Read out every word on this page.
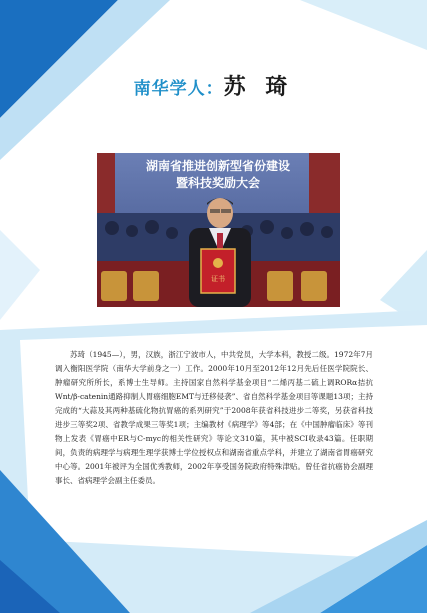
南华学人：苏 琦
湖南省推进创新型省份建设
暨科技奖励大会
证书

苏琦（1945—），男，汉族，浙江宁波市人，中共党员，大学本科，教授二级。1972年7月调入衡阳医学院（南华大学前身之一）工作。2000年10月至2012年12月先后任医学院院长、肿瘤研究所所长，系博士生导师。主持国家自然科学基金项目“二烯丙基二硫上调RORα拮抗Wnt/β-catenin通路抑制人胃癌细胞EMT与迁移侵袭”、省自然科学基金项目等课题13项；主持完成的“大蒜及其两种基硫化物抗胃癌的系列研究”于2008年获省科技进步二等奖，另获省科技进步三等奖2项、省教学成果三等奖1项；主编教材《病理学》等4部；在《中国肿瘤临床》等刊物上发表《胃癌中ER与C-myc的相关性研究》等论文310篇，其中被SCI收录43篇。任职期间，负责的病理学与病理生理学获博士学位授权点和湖南省重点学科，并建立了湖南省胃癌研究中心等。2001年被评为全国优秀教师，2002年享受国务院政府特殊津贴。曾任省抗癌协会副理事长、省病理学会副主任委员。
